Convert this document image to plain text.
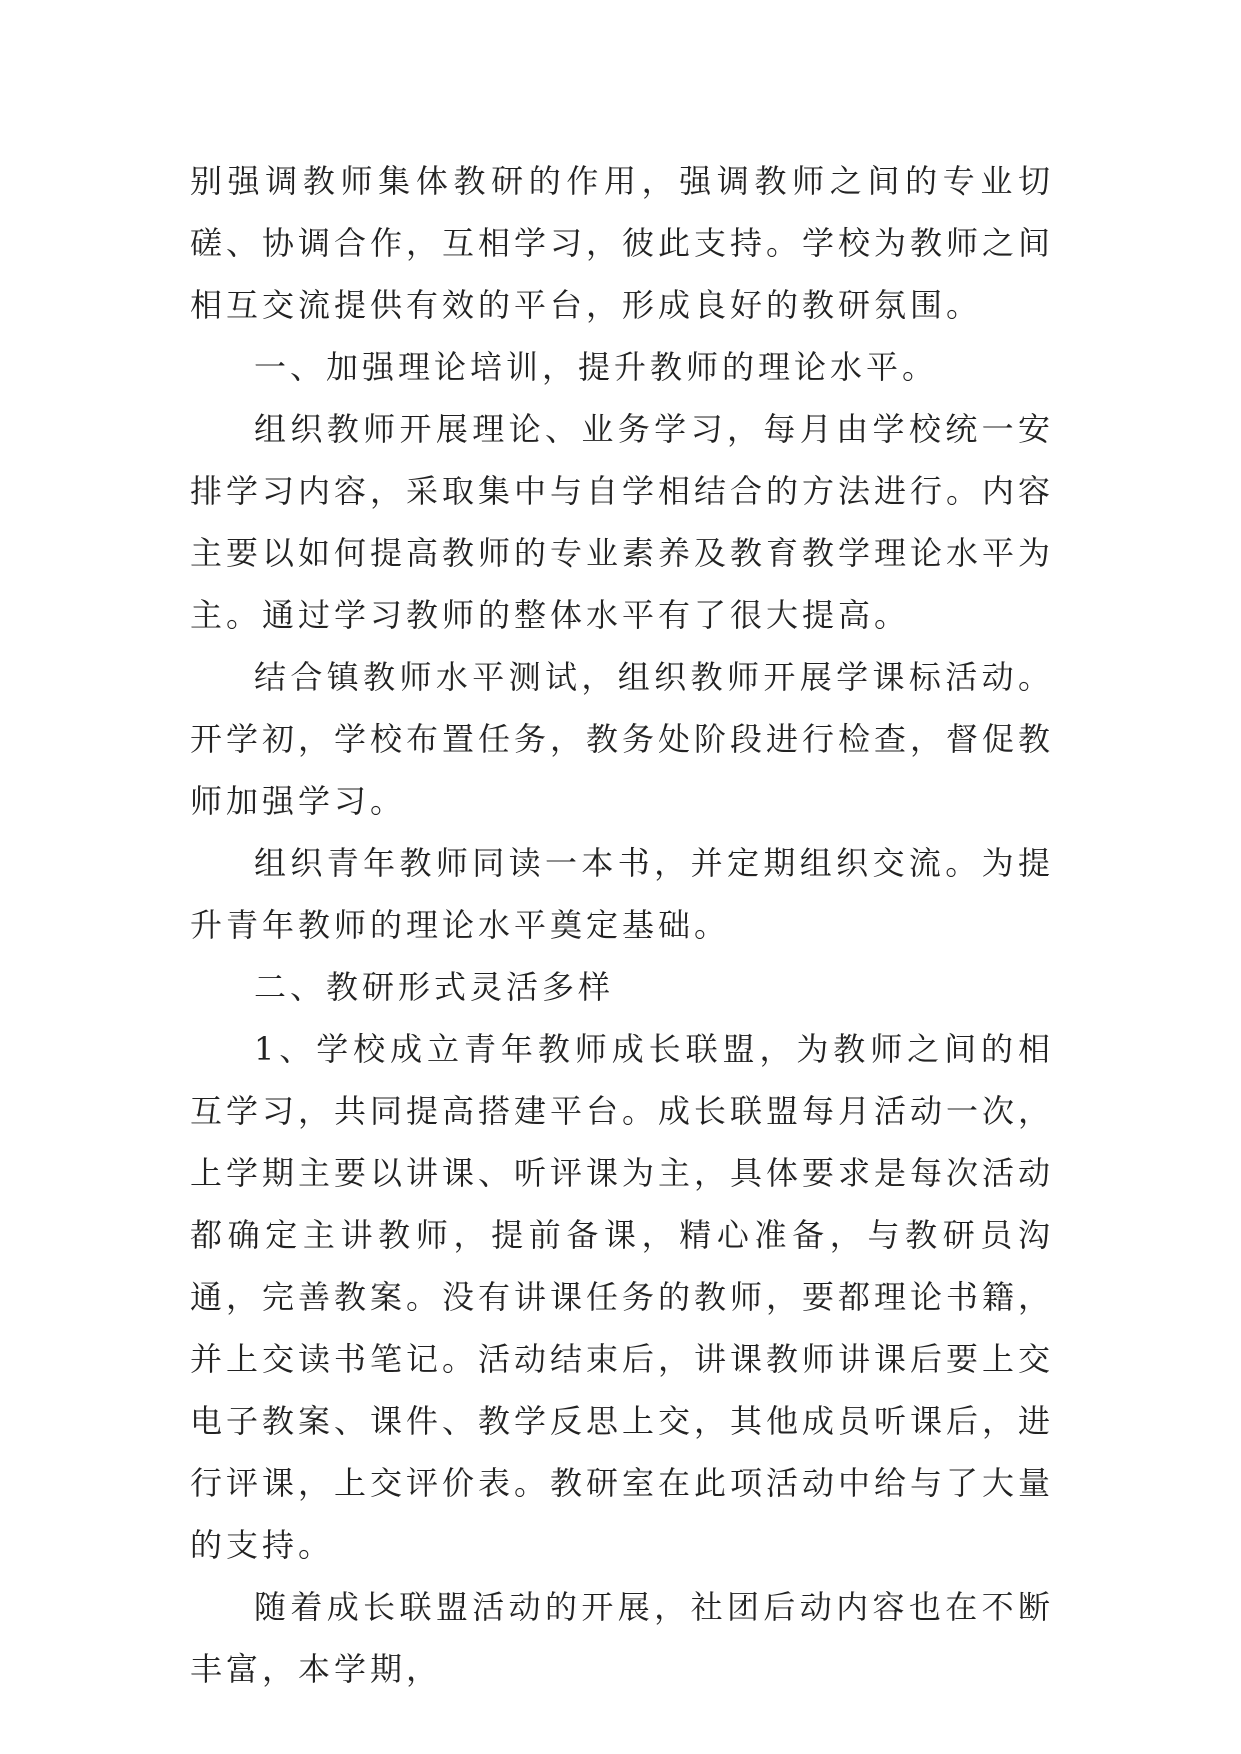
别强调教师集体教研的作用，强调教师之间的专业切磋、协调合作，互相学习，彼此支持。学校为教师之间相互交流提供有效的平台，形成良好的教研氛围。

一、加强理论培训，提升教师的理论水平。

组织教师开展理论、业务学习，每月由学校统一安排学习内容，采取集中与自学相结合的方法进行。内容主要以如何提高教师的专业素养及教育教学理论水平为主。通过学习教师的整体水平有了很大提高。

结合镇教师水平测试，组织教师开展学课标活动。开学初，学校布置任务，教务处阶段进行检查，督促教师加强学习。

组织青年教师同读一本书，并定期组织交流。为提升青年教师的理论水平奠定基础。

二、教研形式灵活多样

1、学校成立青年教师成长联盟，为教师之间的相互学习，共同提高搭建平台。成长联盟每月活动一次，上学期主要以讲课、听评课为主，具体要求是每次活动都确定主讲教师，提前备课，精心准备，与教研员沟通，完善教案。没有讲课任务的教师，要都理论书籍，并上交读书笔记。活动结束后，讲课教师讲课后要上交电子教案、课件、教学反思上交，其他成员听课后，进行评课，上交评价表。教研室在此项活动中给与了大量的支持。

随着成长联盟活动的开展，社团后动内容也在不断丰富，本学期，
